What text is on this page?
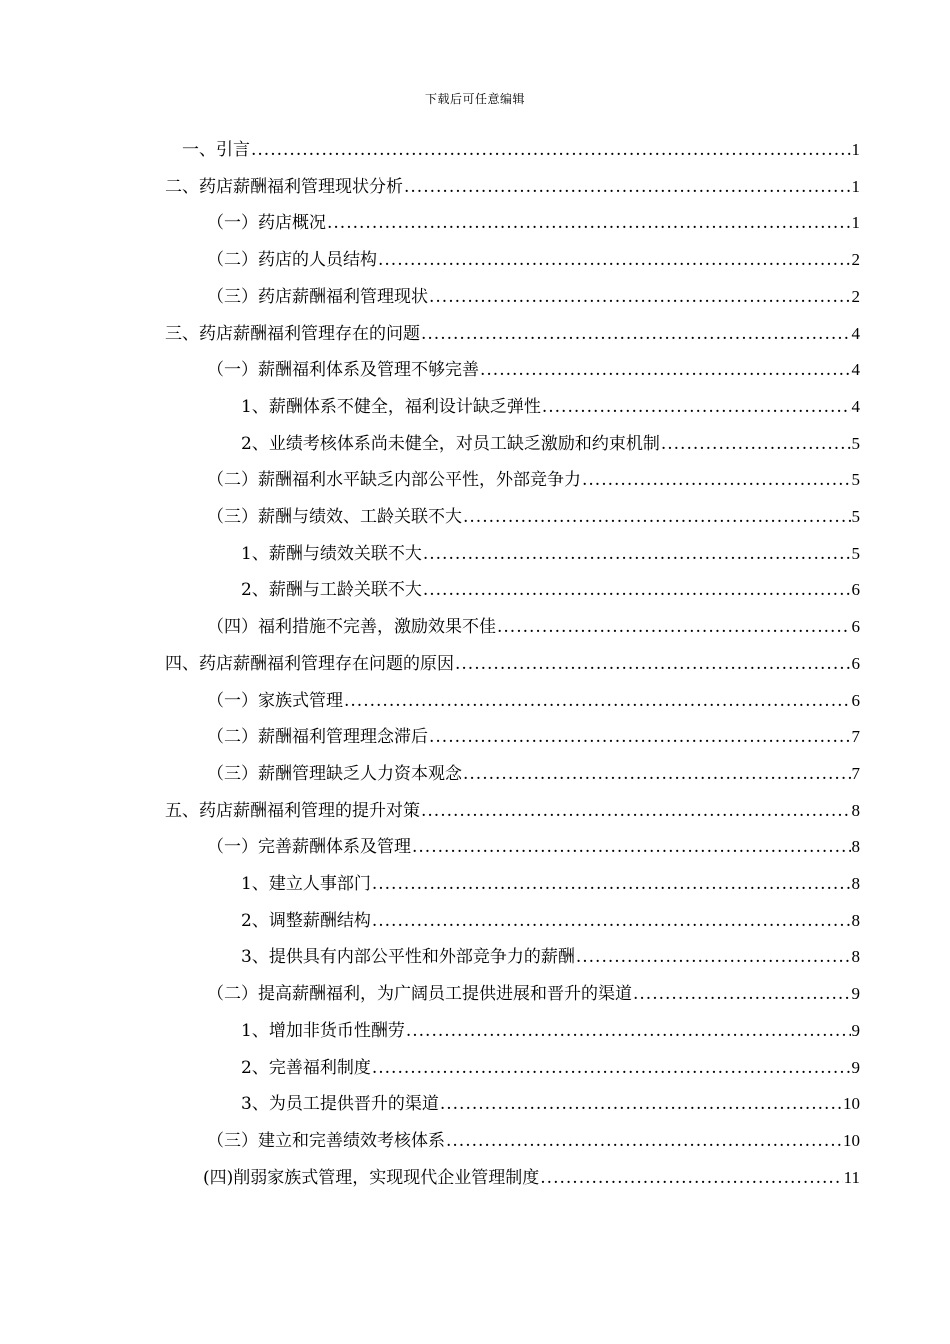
下载后可任意编辑
一、引言 .....	1
二、药店薪酬福利管理现状分析 .....	1
（一）药店概况 .....	1
（二）药店的人员结构 .....	2
（三）药店薪酬福利管理现状 .....	2
三、药店薪酬福利管理存在的问题 .....	4
（一）薪酬福利体系及管理不够完善 .....	4
1、薪酬体系不健全，福利设计缺乏弹性 .....	4
2、业绩考核体系尚未健全，对员工缺乏激励和约束机制 .....	5
（二）薪酬福利水平缺乏内部公平性，外部竞争力 .....	5
（三）薪酬与绩效、工龄关联不大 .....	5
1、薪酬与绩效关联不大 .....	5
2、薪酬与工龄关联不大 .....	6
（四）福利措施不完善，激励效果不佳 .....	6
四、药店薪酬福利管理存在问题的原因 .....	6
（一）家族式管理 .....	6
（二）薪酬福利管理理念滞后 .....	7
（三）薪酬管理缺乏人力资本观念 .....	7
五、药店薪酬福利管理的提升对策 .....	8
（一）完善薪酬体系及管理 .....	8
1、建立人事部门 .....	8
2、调整薪酬结构 .....	8
3、提供具有内部公平性和外部竞争力的薪酬 .....	8
（二）提高薪酬福利，为广阔员工提供进展和晋升的渠道 .....	9
1、增加非货币性酬劳 .....	9
2、完善福利制度 .....	9
3、为员工提供晋升的渠道 .....	10
（三）建立和完善绩效考核体系 .....	10
(四)削弱家族式管理，实现现代企业管理制度 .....	11
